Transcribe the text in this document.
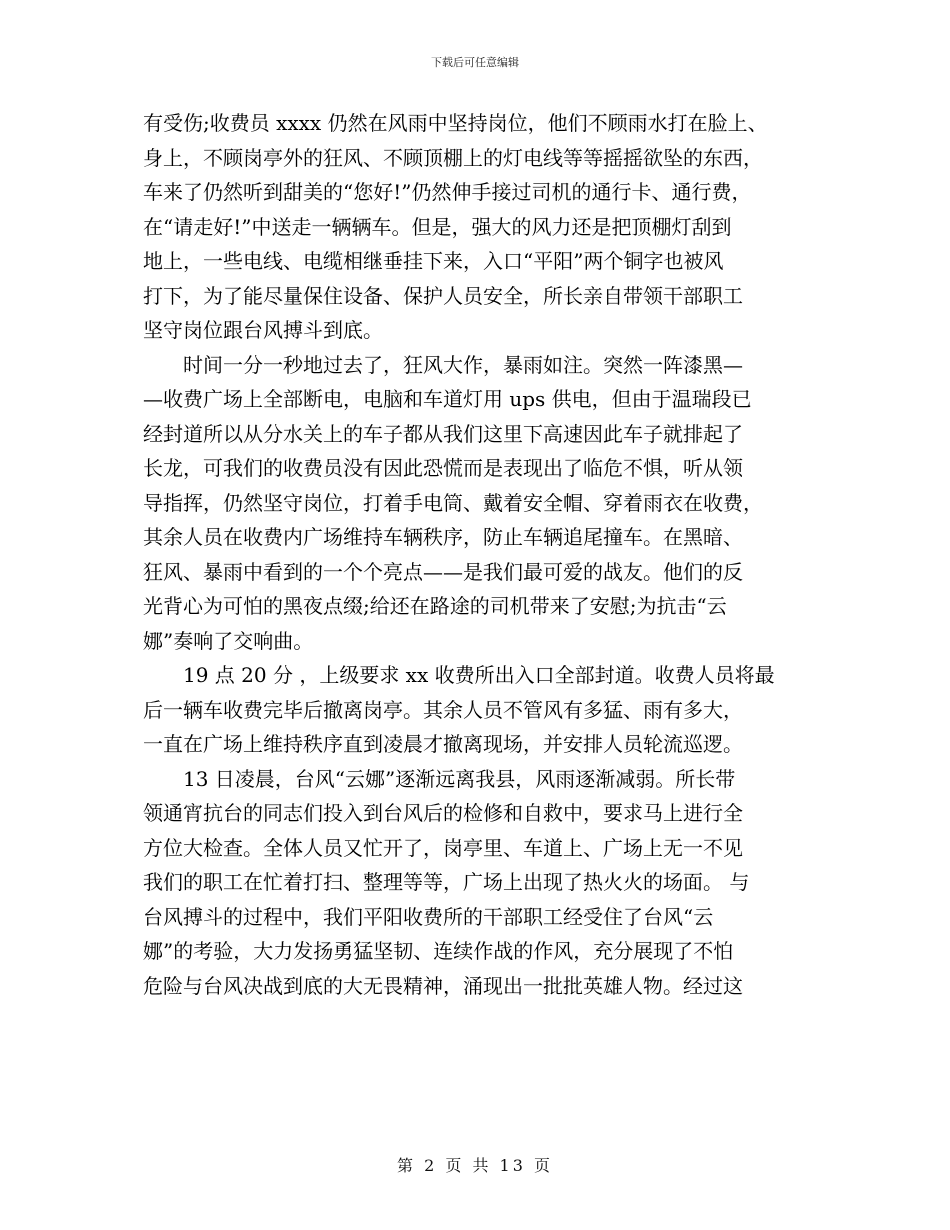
下载后可任意编辑
有受伤;收费员 xxxx 仍然在风雨中坚持岗位，他们不顾雨水打在脸上、
身上，不顾岗亭外的狂风、不顾顶棚上的灯电线等等摇摇欲坠的东西，
车来了仍然听到甜美的“您好!”仍然伸手接过司机的通行卡、通行费，
在“请走好!”中送走一辆辆车。但是，强大的风力还是把顶棚灯刮到
地上，一些电线、电缆相继垂挂下来，入口“平阳”两个铜字也被风
打下，为了能尽量保住设备、保护人员安全，所长亲自带领干部职工
坚守岗位跟台风搏斗到底。
　　时间一分一秒地过去了，狂风大作，暴雨如注。突然一阵漆黑—
—收费广场上全部断电，电脑和车道灯用 ups 供电，但由于温瑞段已
经封道所以从分水关上的车子都从我们这里下高速因此车子就排起了
长龙，可我们的收费员没有因此恐慌而是表现出了临危不惧，听从领
导指挥，仍然坚守岗位，打着手电筒、戴着安全帽、穿着雨衣在收费，
其余人员在收费内广场维持车辆秩序，防止车辆追尾撞车。在黑暗、
狂风、暴雨中看到的一个个亮点——是我们最可爱的战友。他们的反
光背心为可怕的黑夜点缀;给还在路途的司机带来了安慰;为抗击“云
娜”奏响了交响曲。
　　19 点 20 分 ，上级要求 xx 收费所出入口全部封道。收费人员将最
后一辆车收费完毕后撤离岗亭。其余人员不管风有多猛、雨有多大，
一直在广场上维持秩序直到凌晨才撤离现场，并安排人员轮流巡逻。
　　13 日凌晨，台风“云娜”逐渐远离我县，风雨逐渐减弱。所长带
领通宵抗台的同志们投入到台风后的检修和自救中，要求马上进行全
方位大检查。全体人员又忙开了，岗亭里、车道上、广场上无一不见
我们的职工在忙着打扫、整理等等，广场上出现了热火火的场面。 与
台风搏斗的过程中，我们平阳收费所的干部职工经受住了台风“云
娜”的考验，大力发扬勇猛坚韧、连续作战的作风，充分展现了不怕
危险与台风决战到底的大无畏精神，涌现出一批批英雄人物。经过这
第 2 页 共 13 页
